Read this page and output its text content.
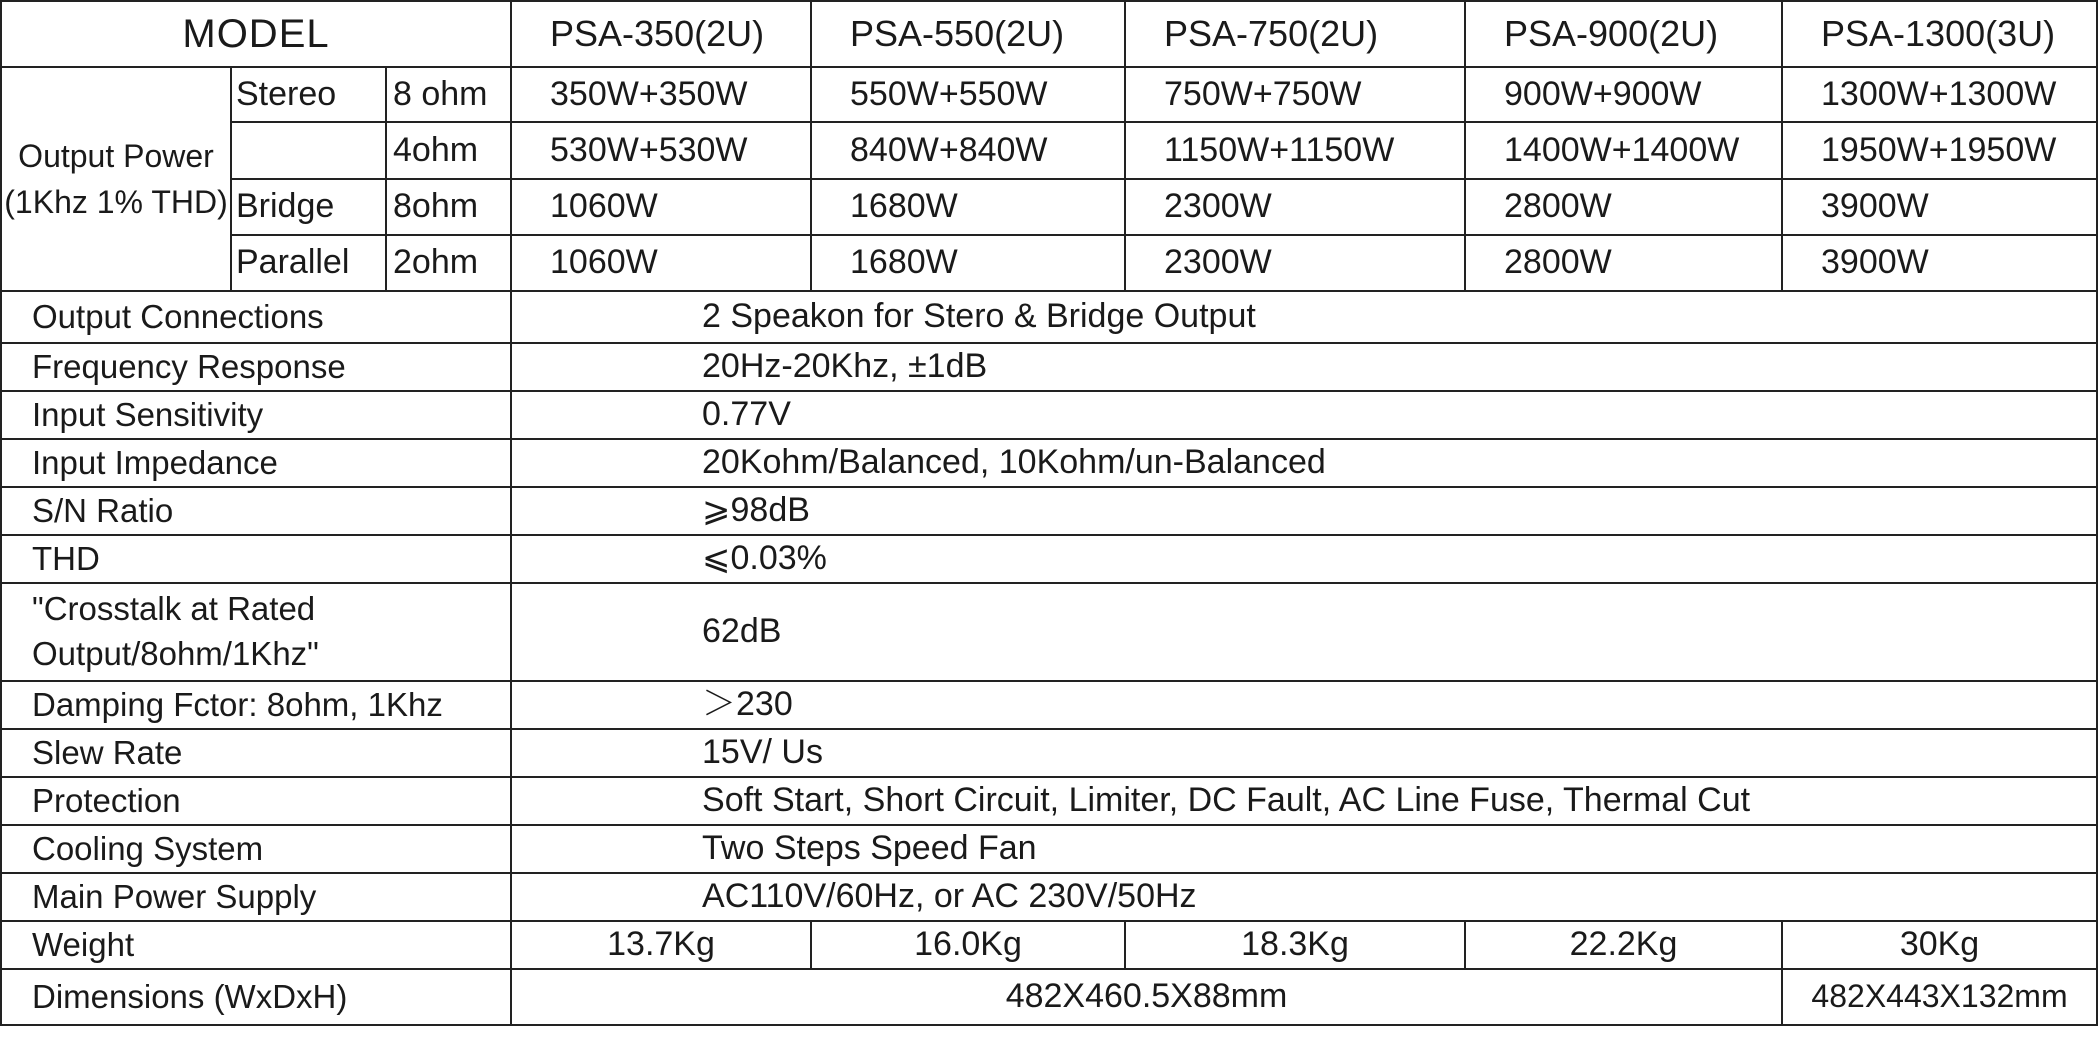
MODEL			PSA-350(2U)	PSA-550(2U)	PSA-750(2U)	PSA-900(2U)	PSA-1300(3U)
Output Power (1Khz 1% THD)	Stereo	8 ohm	350W+350W	550W+550W	750W+750W	900W+900W	1300W+1300W
		4ohm	530W+530W	840W+840W	1150W+1150W	1400W+1400W	1950W+1950W
	Bridge	8ohm	1060W	1680W	2300W	2800W	3900W
	Parallel	2ohm	1060W	1680W	2300W	2800W	3900W
Output Connections			2 Speakon for Stero & Bridge Output				
Frequency Response			20Hz-20Khz, ±1dB				
Input Sensitivity			0.77V				
Input Impedance			20Kohm/Balanced, 10Kohm/un-Balanced				
S/N Ratio			⩾98dB				
THD			⩽0.03%				
"Crosstalk at Rated Output/8ohm/1Khz"			62dB				
Damping Fctor: 8ohm, 1Khz			＞230				
Slew Rate			15V/ Us				
Protection			Soft Start, Short Circuit, Limiter, DC Fault, AC Line Fuse, Thermal Cut				
Cooling System			Two Steps Speed Fan				
Main Power Supply			AC110V/60Hz, or AC 230V/50Hz				
Weight			13.7Kg	16.0Kg	18.3Kg	22.2Kg	30Kg
Dimensions (WxDxH)			482X460.5X88mm				482X443X132mm
